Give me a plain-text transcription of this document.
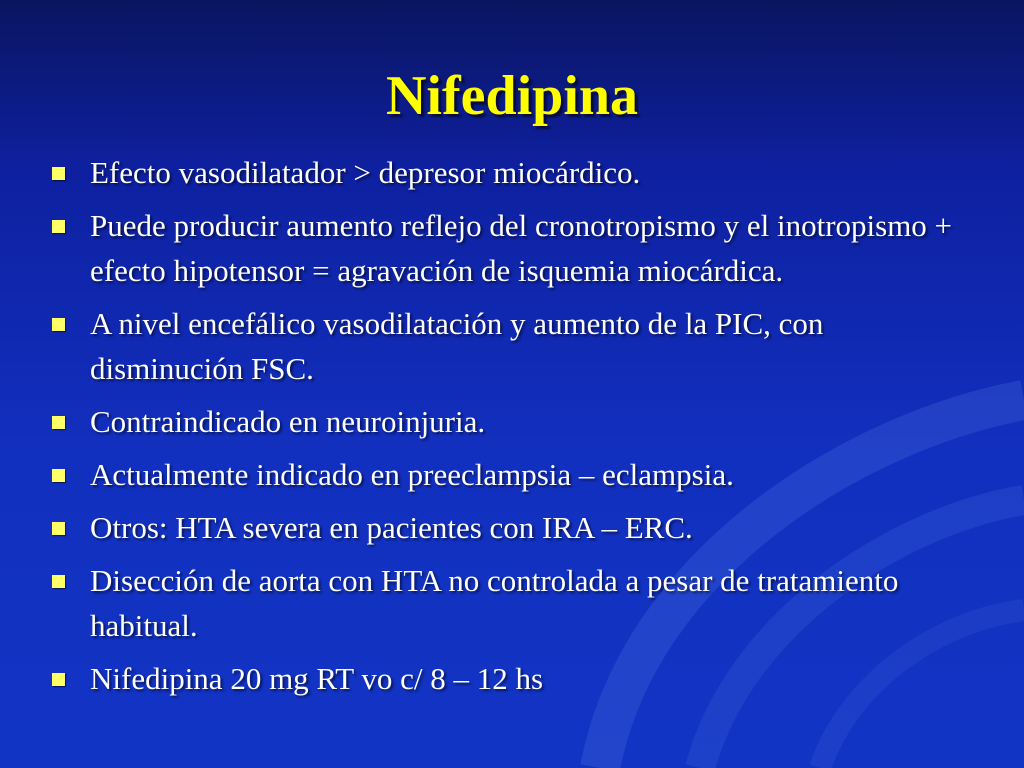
Nifedipina
Efecto vasodilatador > depresor miocárdico.
Puede producir aumento reflejo del cronotropismo y el inotropismo + efecto hipotensor = agravación de isquemia miocárdica.
A nivel encefálico vasodilatación y aumento de la PIC, con disminución FSC.
Contraindicado en neuroinjuria.
Actualmente indicado en preeclampsia – eclampsia.
Otros: HTA severa en pacientes con IRA – ERC.
Disección de aorta con HTA no controlada a pesar de tratamiento habitual.
Nifedipina 20 mg RT vo c/ 8 – 12 hs
